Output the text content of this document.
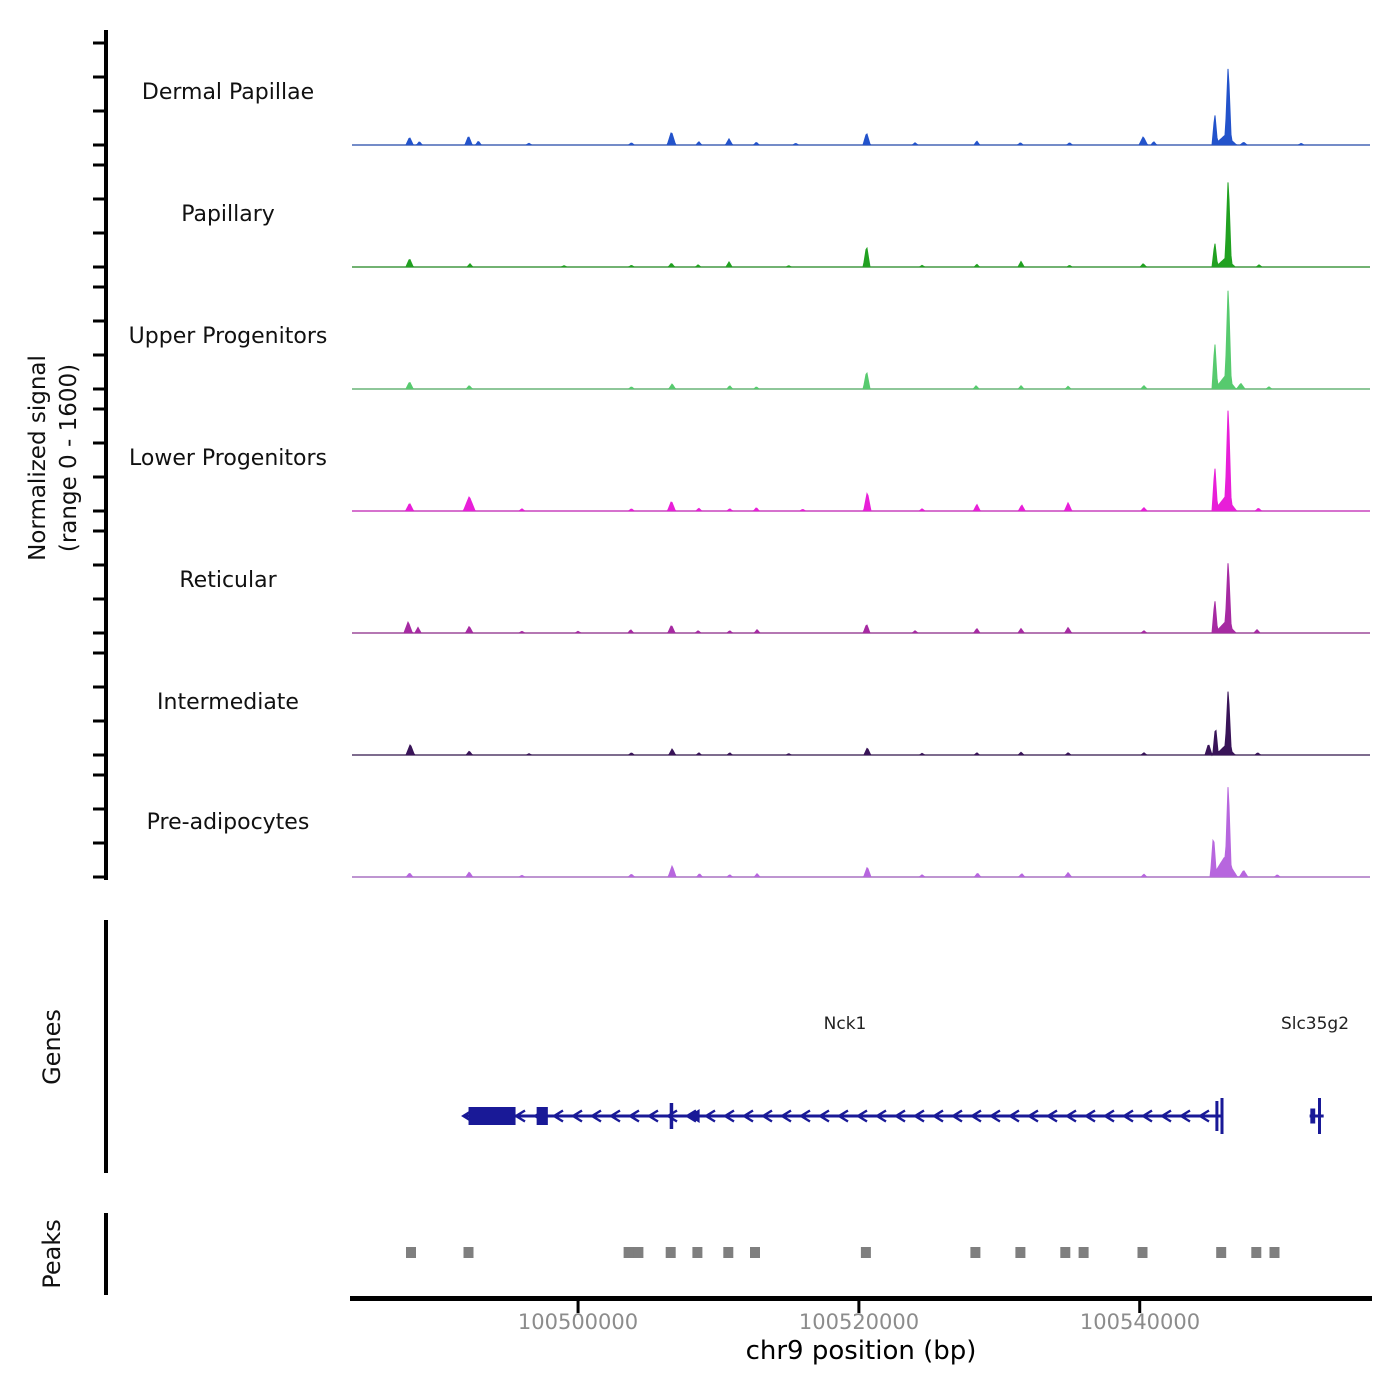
Normalized signal (range 0 - 1600)
Dermal Papillae
Papillary
Upper Progenitors
Lower Progenitors
Reticular
Intermediate
Pre-adipocytes
Genes
Peaks
Nck1	Slc35g2
100500000	100520000	100540000
chr9 position (bp)
